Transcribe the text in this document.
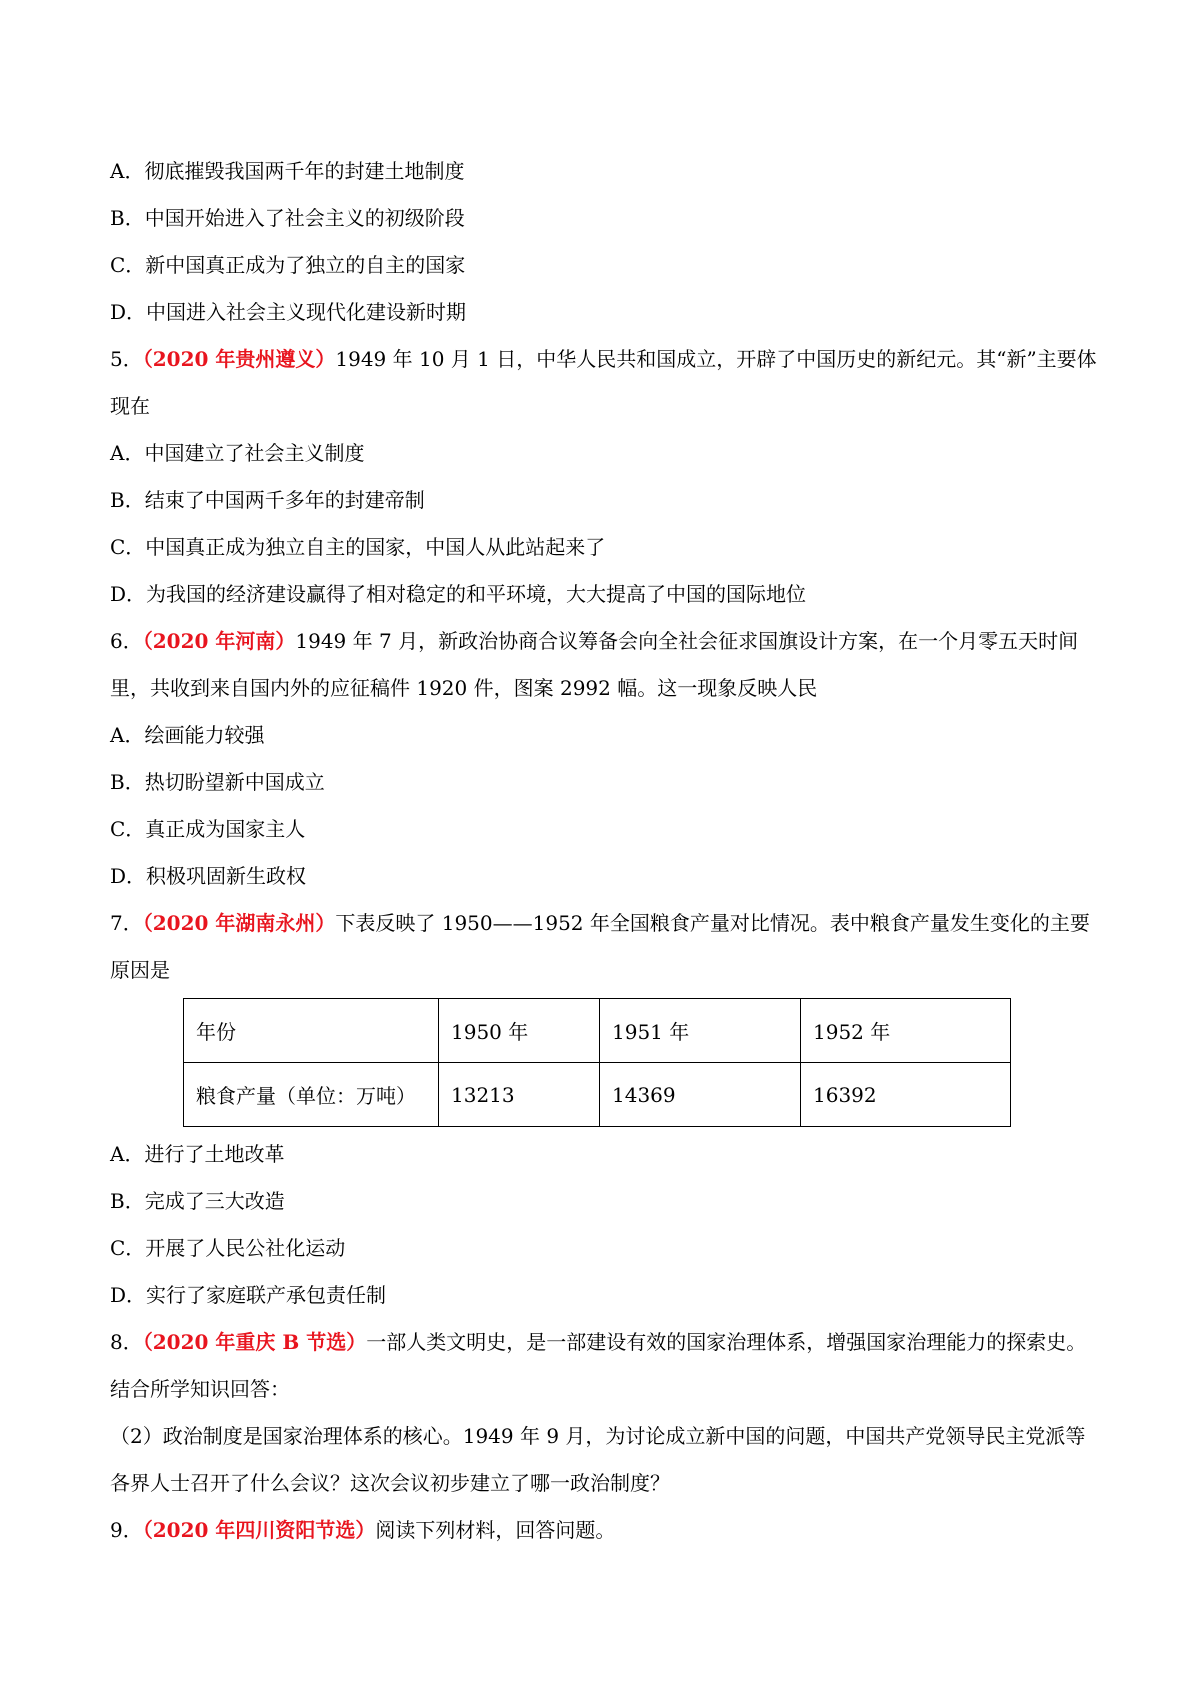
A．彻底摧毁我国两千年的封建土地制度
B．中国开始进入了社会主义的初级阶段
C．新中国真正成为了独立的自主的国家
D．中国进入社会主义现代化建设新时期
5．（2020 年贵州遵义）1949 年 10 月 1 日，中华人民共和国成立，开辟了中国历史的新纪元。其“新”主要体现在
A．中国建立了社会主义制度
B．结束了中国两千多年的封建帝制
C．中国真正成为独立自主的国家，中国人从此站起来了
D．为我国的经济建设赢得了相对稳定的和平环境，大大提高了中国的国际地位
6．（2020 年河南）1949 年 7 月，新政治协商合议筹备会向全社会征求国旗设计方案，在一个月零五天时间里，共收到来自国内外的应征稿件 1920 件，图案 2992 幅。这一现象反映人民
A．绘画能力较强
B．热切盼望新中国成立
C．真正成为国家主人
D．积极巩固新生政权
7．（2020 年湖南永州）下表反映了 1950——1952 年全国粮食产量对比情况。表中粮食产量发生变化的主要原因是
年份	1950 年	1951 年	1952 年
粮食产量（单位：万吨）	13213	14369	16392
A．进行了土地改革
B．完成了三大改造
C．开展了人民公社化运动
D．实行了家庭联产承包责任制
8．（2020 年重庆 B 节选）一部人类文明史，是一部建设有效的国家治理体系，增强国家治理能力的探索史。结合所学知识回答：
（2）政治制度是国家治理体系的核心。1949 年 9 月，为讨论成立新中国的问题，中国共产党领导民主党派等各界人士召开了什么会议？这次会议初步建立了哪一政治制度？
9．（2020 年四川资阳节选）阅读下列材料，回答问题。
